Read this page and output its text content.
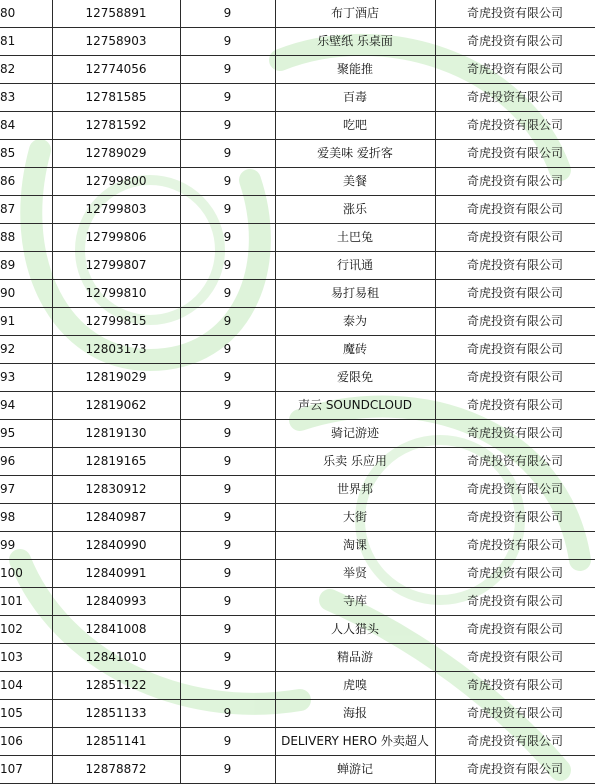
80	12758891	9	布丁酒店	奇虎投资有限公司
81	12758903	9	乐壁纸 乐桌面	奇虎投资有限公司
82	12774056	9	聚能推	奇虎投资有限公司
83	12781585	9	百毒	奇虎投资有限公司
84	12781592	9	吃吧	奇虎投资有限公司
85	12789029	9	爱美味 爱折客	奇虎投资有限公司
86	12799800	9	美餐	奇虎投资有限公司
87	12799803	9	涨乐	奇虎投资有限公司
88	12799806	9	土巴兔	奇虎投资有限公司
89	12799807	9	行讯通	奇虎投资有限公司
90	12799810	9	易打易租	奇虎投资有限公司
91	12799815	9	泰为	奇虎投资有限公司
92	12803173	9	魔砖	奇虎投资有限公司
93	12819029	9	爱限免	奇虎投资有限公司
94	12819062	9	声云 SOUNDCLOUD	奇虎投资有限公司
95	12819130	9	骑记游迹	奇虎投资有限公司
96	12819165	9	乐卖 乐应用	奇虎投资有限公司
97	12830912	9	世界邦	奇虎投资有限公司
98	12840987	9	大街	奇虎投资有限公司
99	12840990	9	淘课	奇虎投资有限公司
100	12840991	9	举贤	奇虎投资有限公司
101	12840993	9	寺库	奇虎投资有限公司
102	12841008	9	人人猎头	奇虎投资有限公司
103	12841010	9	精品游	奇虎投资有限公司
104	12851122	9	虎嗅	奇虎投资有限公司
105	12851133	9	海报	奇虎投资有限公司
106	12851141	9	DELIVERY HERO 外卖超人	奇虎投资有限公司
107	12878872	9	蝉游记	奇虎投资有限公司
